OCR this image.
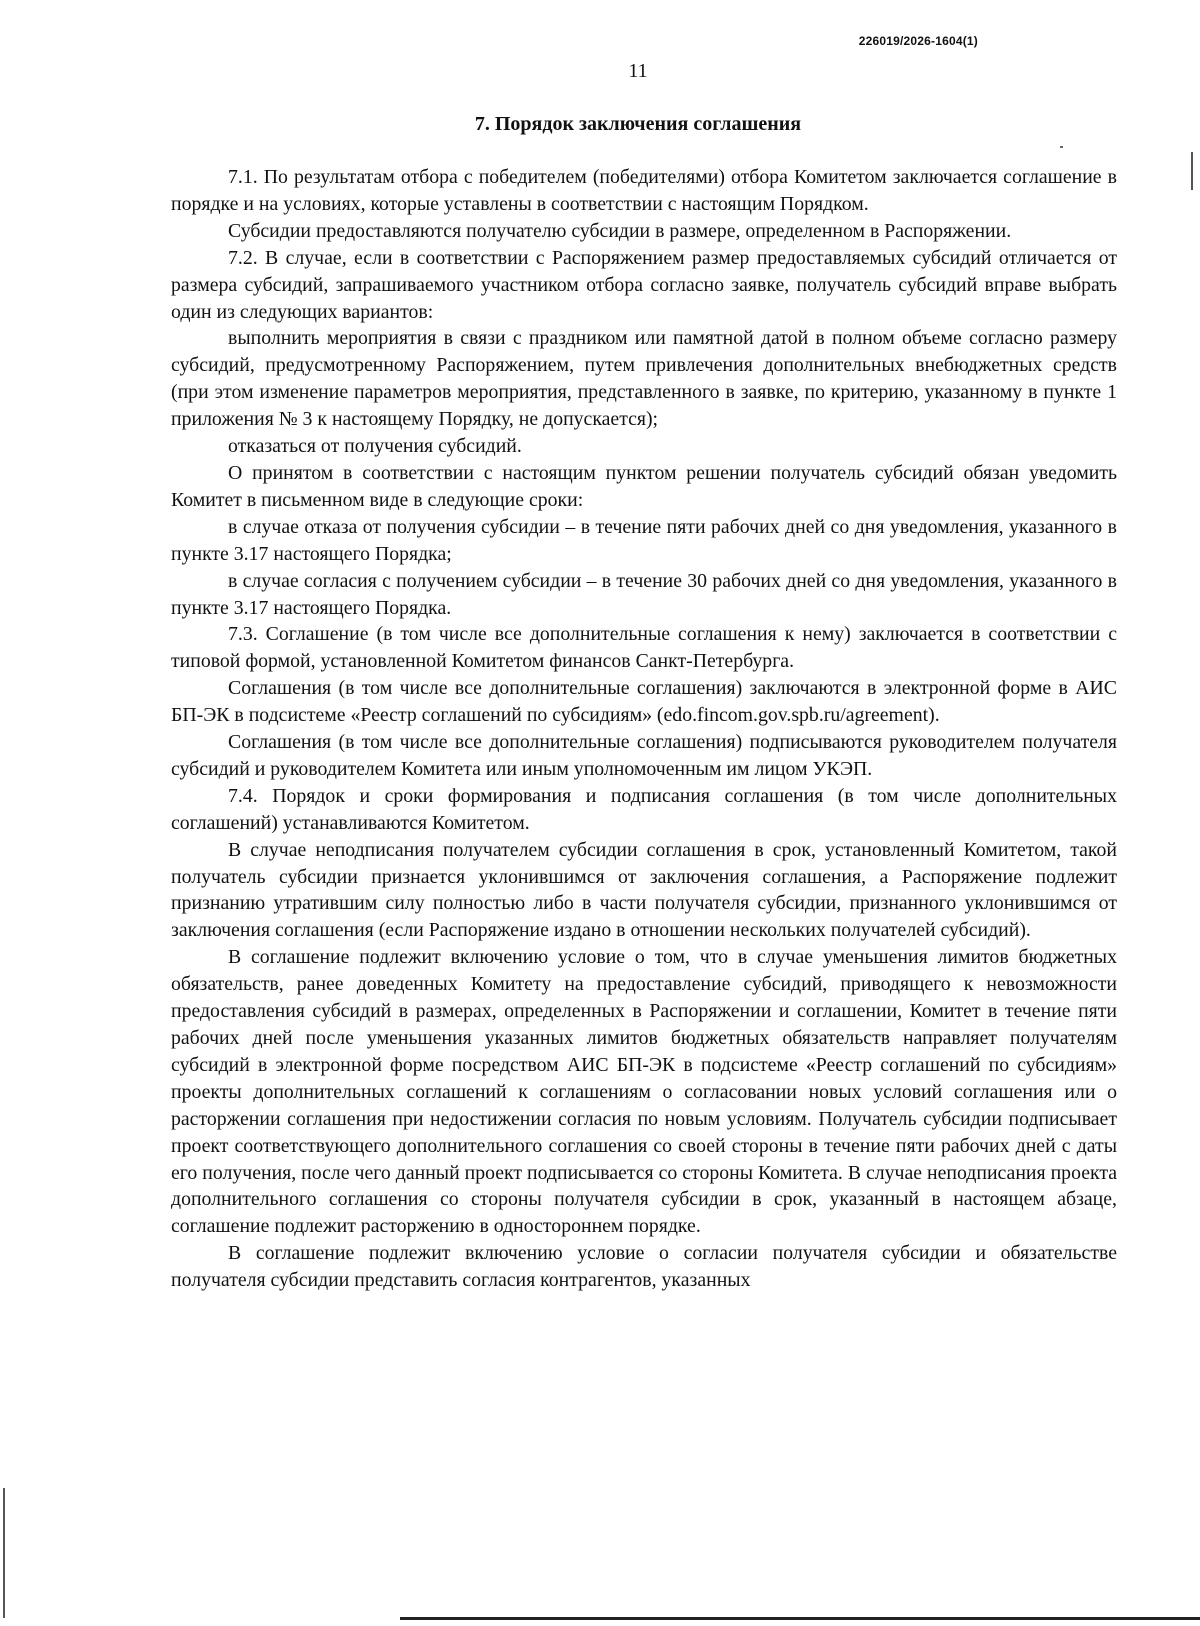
226019/2026-1604(1)
11
7. Порядок заключения соглашения

7.1. По результатам отбора с победителем (победителями) отбора Комитетом заключается соглашение в порядке и на условиях, которые уставлены в соответствии с настоящим Порядком.

Субсидии предоставляются получателю субсидии в размере, определенном в Распоряжении.

7.2. В случае, если в соответствии с Распоряжением размер предоставляемых субсидий отличается от размера субсидий, запрашиваемого участником отбора согласно заявке, получатель субсидий вправе выбрать один из следующих вариантов:

выполнить мероприятия в связи с праздником или памятной датой в полном объеме согласно размеру субсидий, предусмотренному Распоряжением, путем привлечения дополнительных внебюджетных средств (при этом изменение параметров мероприятия, представленного в заявке, по критерию, указанному в пункте 1 приложения № 3 к настоящему Порядку, не допускается);

отказаться от получения субсидий.

О принятом в соответствии с настоящим пунктом решении получатель субсидий обязан уведомить Комитет в письменном виде в следующие сроки:

в случае отказа от получения субсидии – в течение пяти рабочих дней со дня уведомления, указанного в пункте 3.17 настоящего Порядка;

в случае согласия с получением субсидии – в течение 30 рабочих дней со дня уведомления, указанного в пункте 3.17 настоящего Порядка.

7.3. Соглашение (в том числе все дополнительные соглашения к нему) заключается в соответствии с типовой формой, установленной Комитетом финансов Санкт-Петербурга.

Соглашения (в том числе все дополнительные соглашения) заключаются в электронной форме в АИС БП-ЭК в подсистеме «Реестр соглашений по субсидиям» (edo.fincom.gov.spb.ru/agreement).

Соглашения (в том числе все дополнительные соглашения) подписываются руководителем получателя субсидий и руководителем Комитета или иным уполномоченным им лицом УКЭП.

7.4. Порядок и сроки формирования и подписания соглашения (в том числе дополнительных соглашений) устанавливаются Комитетом.

В случае неподписания получателем субсидии соглашения в срок, установленный Комитетом, такой получатель субсидии признается уклонившимся от заключения соглашения, а Распоряжение подлежит признанию утратившим силу полностью либо в части получателя субсидии, признанного уклонившимся от заключения соглашения (если Распоряжение издано в отношении нескольких получателей субсидий).

В соглашение подлежит включению условие о том, что в случае уменьшения лимитов бюджетных обязательств, ранее доведенных Комитету на предоставление субсидий, приводящего к невозможности предоставления субсидий в размерах, определенных в Распоряжении и соглашении, Комитет в течение пяти рабочих дней после уменьшения указанных лимитов бюджетных обязательств направляет получателям субсидий в электронной форме посредством АИС БП-ЭК в подсистеме «Реестр соглашений по субсидиям» проекты дополнительных соглашений к соглашениям о согласовании новых условий соглашения или о расторжении соглашения при недостижении согласия по новым условиям. Получатель субсидии подписывает проект соответствующего дополнительного соглашения со своей стороны в течение пяти рабочих дней с даты его получения, после чего данный проект подписывается со стороны Комитета. В случае неподписания проекта дополнительного соглашения со стороны получателя субсидии в срок, указанный в настоящем абзаце, соглашение подлежит расторжению в одностороннем порядке.

В соглашение подлежит включению условие о согласии получателя субсидии и обязательстве получателя субсидии представить согласия контрагентов, указанных
